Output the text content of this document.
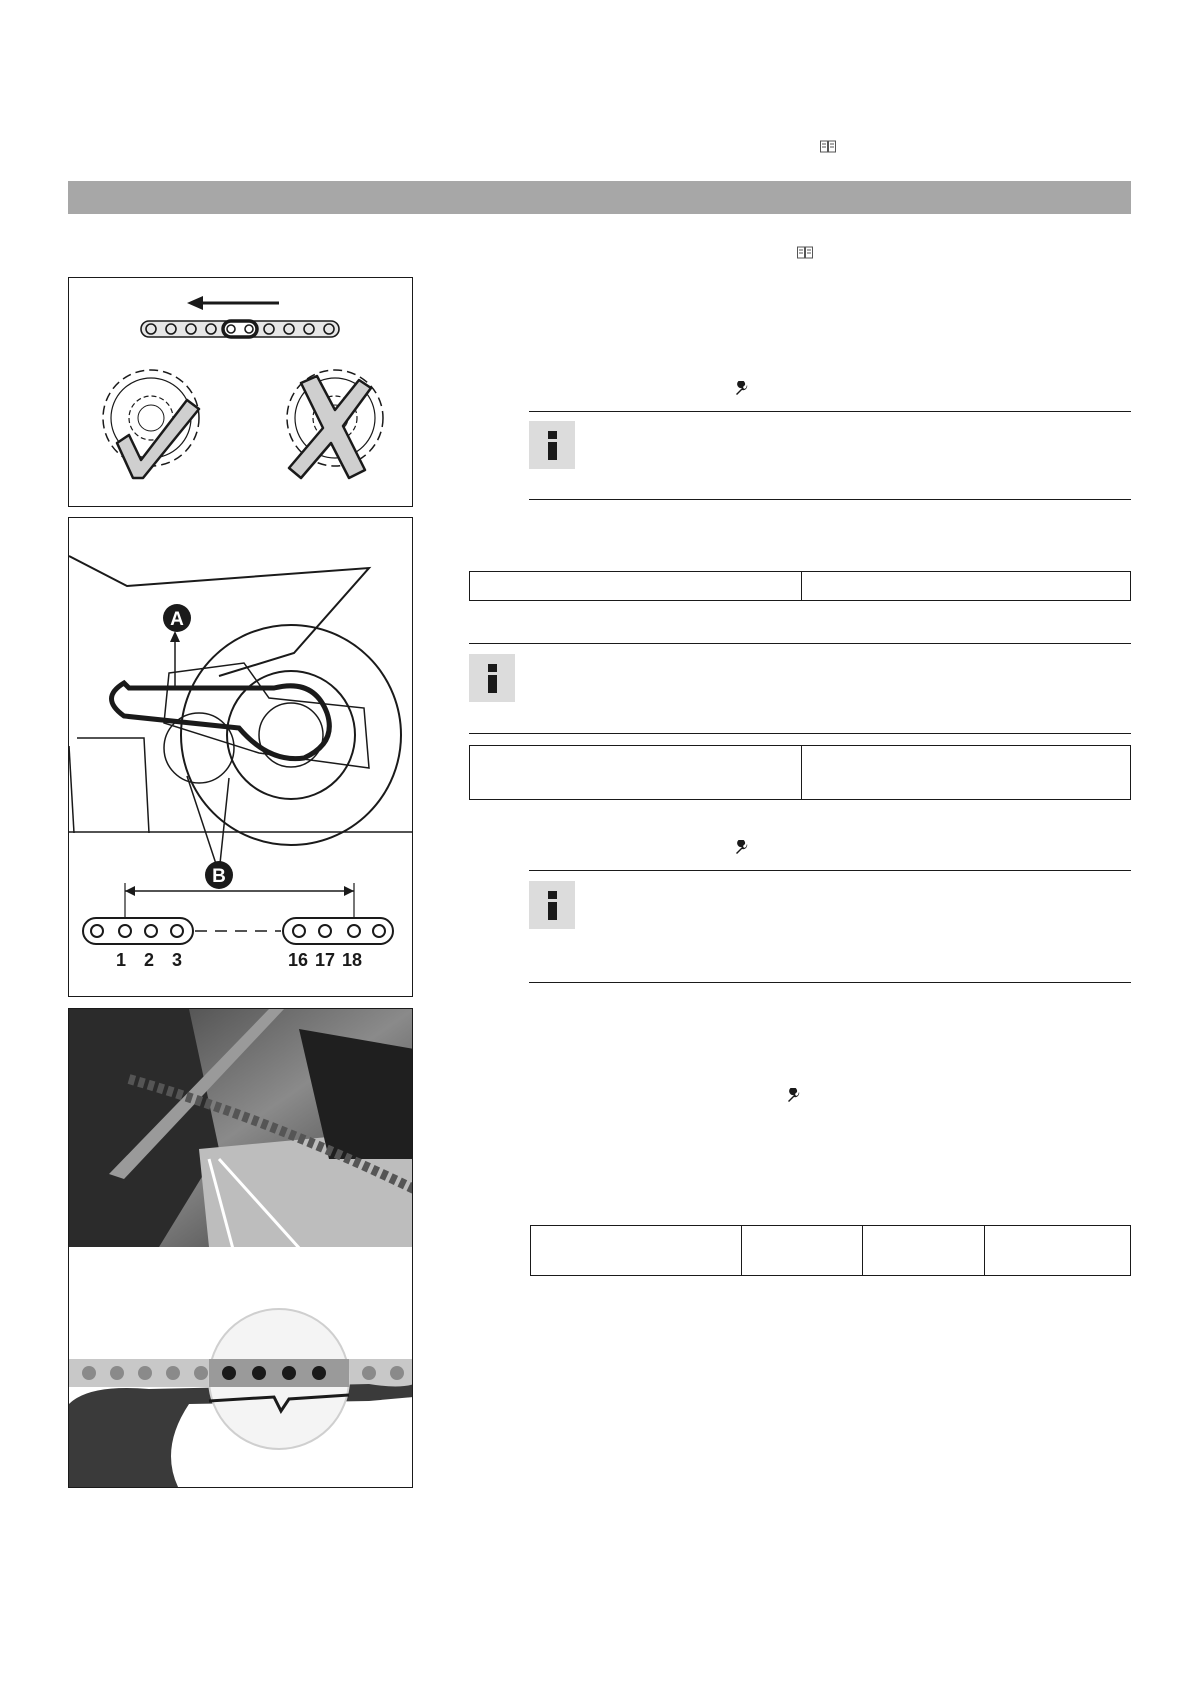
A
B
1 2 3	16 17 18
